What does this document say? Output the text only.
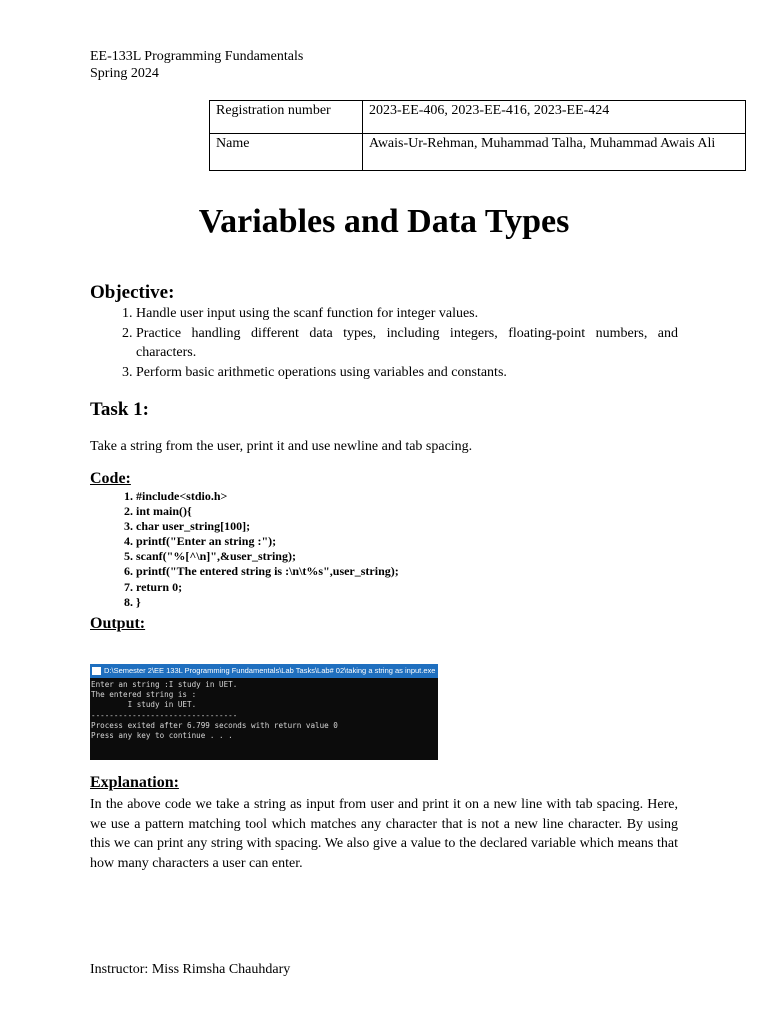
EE-133L Programming Fundamentals
Spring 2024
Registration number	2023-EE-406, 2023-EE-416, 2023-EE-424
Name	Awais-Ur-Rehman, Muhammad Talha, Muhammad Awais Ali
Variables and Data Types
Objective:
1. Handle user input using the scanf function for integer values.
2. Practice handling different data types, including integers, floating-point numbers, and characters.
3. Perform basic arithmetic operations using variables and constants.
Task 1:
Take a string from the user, print it and use newline and tab spacing.
Code:
1. #include<stdio.h>
2. int main(){
3. char user_string[100];
4. printf("Enter an string :");
5. scanf("%[^\n]",&user_string);
6. printf("The entered string is :\n\t%s",user_string);
7. return 0;
8. }
Output:
D:\Semester 2\EE 133L Programming Fundamentals\Lab Tasks\Lab# 02\taking a string as input.exe
Enter an string :I study in UET.
The entered string is :
I study in UET.
--------------------------------
Process exited after 6.799 seconds with return value 0
Press any key to continue . . .
Explanation:

In the above code we take a string as input from user and print it on a new line with tab spacing. Here, we use a pattern matching tool which matches any character that is not a new line character. By using this we can print any string with spacing. We also give a value to the declared variable which means that how many characters a user can enter.

Instructor: Miss Rimsha Chauhdary
